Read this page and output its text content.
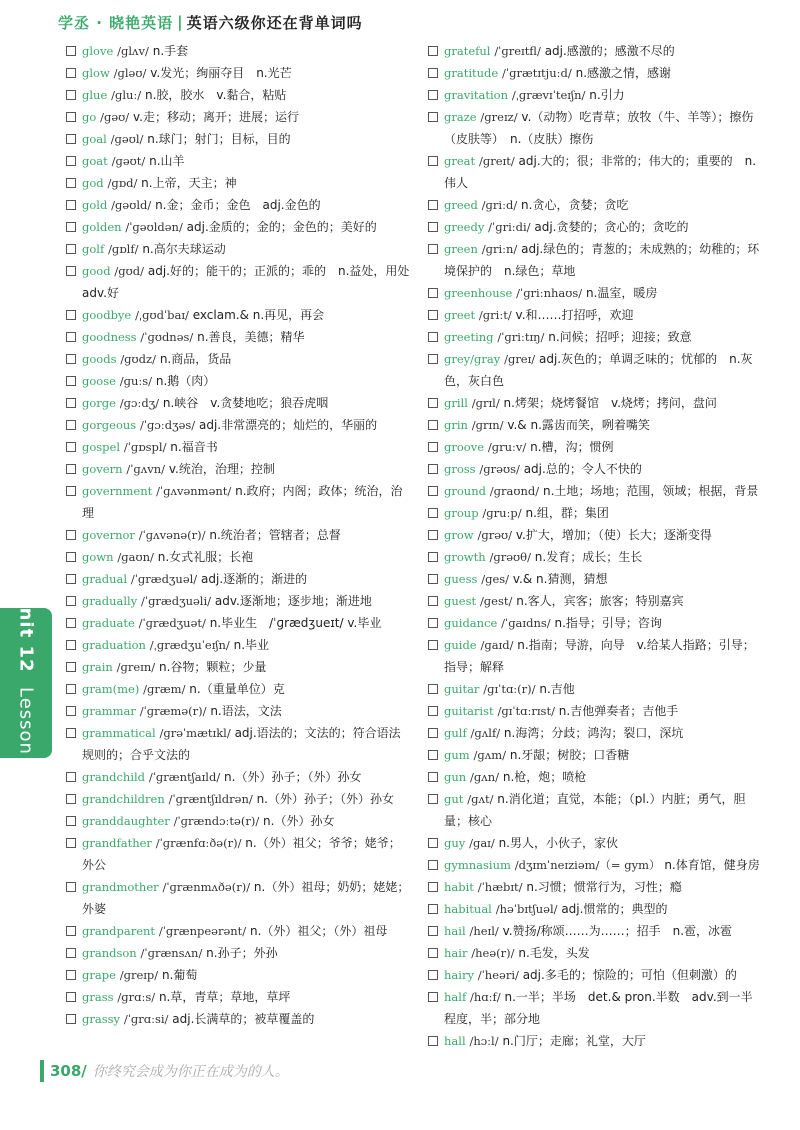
学丞 · 晓艳英语 | 英语六级你还在背单词吗

glove /ɡlʌv/ n.手套

glow /ɡləʊ/ v.发光；绚丽夺目　n.光芒

glue /ɡluː/ n.胶，胶水　v.黏合，粘贴

go /ɡəʊ/ v.走；移动；离开；进展；运行

goal /ɡəʊl/ n.球门；射门；目标，目的

goat /ɡəʊt/ n.山羊

god /ɡɒd/ n.上帝，天主；神

gold /ɡəʊld/ n.金；金币；金色　adj.金色的

golden /ˈɡəʊldən/ adj.金质的；金的；金色的；美好的

golf /ɡɒlf/ n.高尔夫球运动

good /ɡʊd/ adj.好的；能干的；正派的；乖的　n.益处，用处　adv.好

goodbye /ˌɡʊdˈbaɪ/ exclam.& n.再见，再会

goodness /ˈɡʊdnəs/ n.善良，美德；精华

goods /ɡʊdz/ n.商品，货品

goose /ɡuːs/ n.鹅（肉）

gorge /ɡɔːdʒ/ n.峡谷　v.贪婪地吃；狼吞虎咽

gorgeous /ˈɡɔːdʒəs/ adj.非常漂亮的；灿烂的，华丽的

gospel /ˈɡɒspl/ n.福音书

govern /ˈɡʌvn/ v.统治，治理；控制

government /ˈɡʌvənmənt/ n.政府；内阁；政体；统治，治理

governor /ˈɡʌvənə(r)/ n.统治者；管辖者；总督

gown /ɡaʊn/ n.女式礼服；长袍

gradual /ˈɡrædʒuəl/ adj.逐渐的；渐进的

gradually /ˈɡrædʒuəli/ adv.逐渐地；逐步地；渐进地

graduate /ˈɡrædʒuət/ n.毕业生　/ˈɡrædʒueɪt/ v.毕业

graduation /ˌɡrædʒuˈeɪʃn/ n.毕业

grain /ɡreɪn/ n.谷物；颗粒；少量

gram(me) /ɡræm/ n.（重量单位）克

grammar /ˈɡræmə(r)/ n.语法，文法

grammatical /ɡrəˈmætɪkl/ adj.语法的；文法的；符合语法规则的；合乎文法的

grandchild /ˈɡræntʃaɪld/ n.（外）孙子；（外）孙女

grandchildren /ˈɡræntʃɪldrən/ n.（外）孙子；（外）孙女

granddaughter /ˈɡrændɔːtə(r)/ n.（外）孙女

grandfather /ˈɡrænfɑːðə(r)/ n.（外）祖父；爷爷；姥爷；外公

grandmother /ˈɡrænmʌðə(r)/ n.（外）祖母；奶奶；姥姥；外婆

grandparent /ˈɡrænpeərənt/ n.（外）祖父；（外）祖母

grandson /ˈɡrænsʌn/ n.孙子；外孙

grape /ɡreɪp/ n.葡萄

grass /ɡrɑːs/ n.草，青草；草地，草坪

grassy /ˈɡrɑːsi/ adj.长满草的；被草覆盖的

grateful /ˈɡreɪtfl/ adj.感激的；感激不尽的

gratitude /ˈɡrætɪtjuːd/ n.感激之情，感谢

gravitation /ˌɡrævɪˈteɪʃn/ n.引力

graze /ɡreɪz/ v.（动物）吃青草；放牧（牛、羊等）；擦伤（皮肤等）　n.（皮肤）擦伤

great /ɡreɪt/ adj.大的；很；非常的；伟大的；重要的　n.伟人

greed /ɡriːd/ n.贪心，贪婪；贪吃

greedy /ˈɡriːdi/ adj.贪婪的；贪心的；贪吃的

green /ɡriːn/ adj.绿色的；青葱的；未成熟的；幼稚的；环境保护的　n.绿色；草地

greenhouse /ˈɡriːnhaʊs/ n.温室，暖房

greet /ɡriːt/ v.和……打招呼，欢迎

greeting /ˈɡriːtɪŋ/ n.问候；招呼；迎接；致意

grey/gray /ɡreɪ/ adj.灰色的；单调乏味的；忧郁的　n.灰色，灰白色

grill /ɡrɪl/ n.烤架；烧烤餐馆　v.烧烤；拷问，盘问

grin /ɡrɪn/ v.& n.露齿而笑，咧着嘴笑

groove /ɡruːv/ n.槽，沟；惯例

gross /ɡrəʊs/ adj.总的；令人不快的

ground /ɡraʊnd/ n.土地；场地；范围，领域；根据，背景

group /ɡruːp/ n.组，群；集团

grow /ɡrəʊ/ v.扩大，增加；（使）长大；逐渐变得

growth /ɡrəʊθ/ n.发育；成长；生长

guess /ɡes/ v.& n.猜测，猜想

guest /ɡest/ n.客人，宾客；旅客；特别嘉宾

guidance /ˈɡaɪdns/ n.指导；引导；咨询

guide /ɡaɪd/ n.指南；导游，向导　v.给某人指路；引导；指导；解释

guitar /ɡɪˈtɑː(r)/ n.吉他

guitarist /ɡɪˈtɑːrɪst/ n.吉他弹奏者；吉他手

gulf /ɡʌlf/ n.海湾；分歧；鸿沟；裂口，深坑

gum /ɡʌm/ n.牙龈；树胶；口香糖

gun /ɡʌn/ n.枪，炮；喷枪

gut /ɡʌt/ n.消化道；直觉，本能；（pl.）内脏；勇气，胆量；核心

guy /ɡaɪ/ n.男人，小伙子，家伙

gymnasium /dʒɪmˈneɪziəm/（= gym） n.体育馆，健身房

habit /ˈhæbɪt/ n.习惯；惯常行为，习性；瘾

habitual /həˈbɪtʃuəl/ adj.惯常的；典型的

hail /heɪl/ v.赞扬/称颂……为……；招手　n.雹，冰雹

hair /heə(r)/ n.毛发，头发

hairy /ˈheəri/ adj.多毛的；惊险的；可怕（但刺激）的

half /hɑːf/ n.一半；半场　det.& pron.半数　adv.到一半程度，半；部分地

hall /hɔːl/ n.门厅；走廊；礼堂，大厅

Unit 12 Lesson 2
308/ 你终究会成为你正在成为的人。
